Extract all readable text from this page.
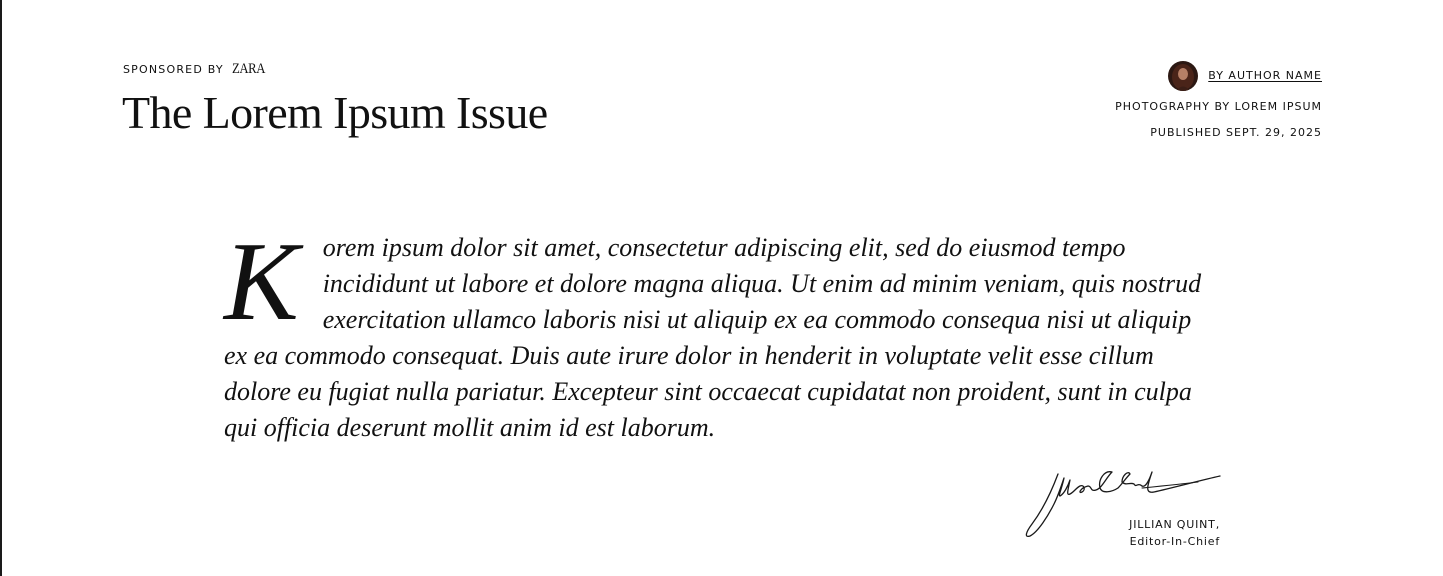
SPONSORED BY ZARA
The Lorem Ipsum Issue
BY AUTHOR NAME
PHOTOGRAPHY BY LOREM IPSUM
PUBLISHED SEPT. 29, 2025
K orem ipsum dolor sit amet, consectetur adipiscing elit, sed do eiusmod tempo incididunt ut labore et dolore magna aliqua. Ut enim ad minim veniam, quis nostrud exercitation ullamco laboris nisi ut aliquip ex ea commodo consequa nisi ut aliquip ex ea commodo consequat. Duis aute irure dolor in henderit in voluptate velit esse cillum dolore eu fugiat nulla pariatur. Excepteur sint occaecat cupidatat non proident, sunt in culpa qui officia deserunt mollit anim id est laborum.

JILLIAN QUINT,
Editor-In-Chief
